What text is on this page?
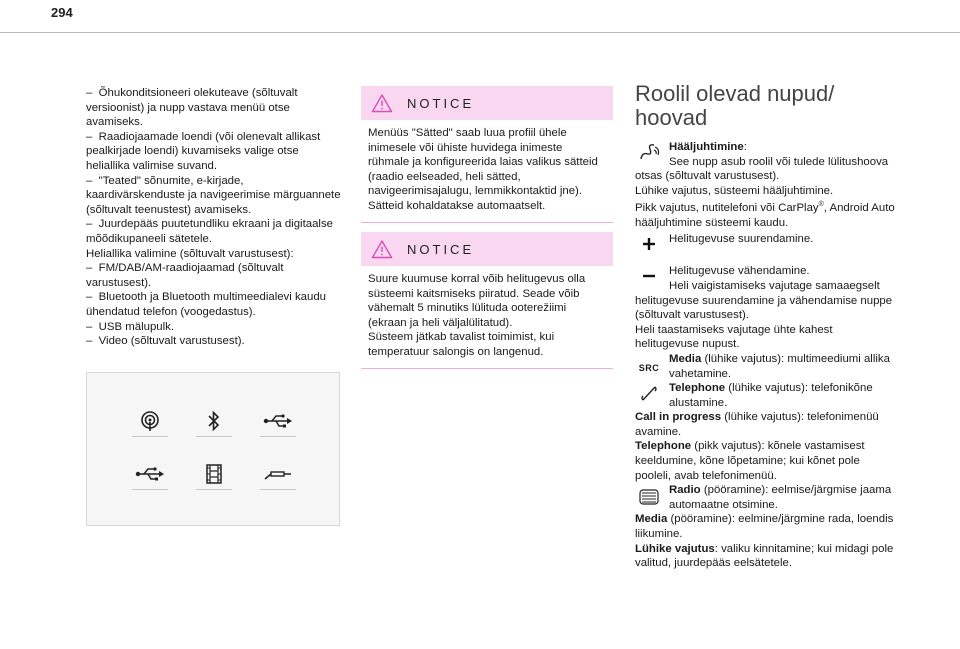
294

–  Õhukonditsioneeri olekuteave (sõltuvalt versioonist) ja nupp vastava menüü otse avamiseks.

–  Raadiojaamade loendi (või olenevalt allikast pealkirjade loendi) kuvamiseks valige otse heliallika valimise suvand.

–  "Teated" sõnumite, e-kirjade, kaardivärskenduste ja navigeerimise märguannete (sõltuvalt teenustest) avamiseks.

–  Juurdepääs puutetundliku ekraani ja digitaalse mõõdikupaneeli sätetele.

Heliallika valimine (sõltuvalt varustusest):

–  FM/DAB/AM-raadiojaamad (sõltuvalt varustusest).

–  Bluetooth ja Bluetooth multimeedialevi kaudu ühendatud telefon (voogedastus).

–  USB mälupulk.

–  Video (sõltuvalt varustusest).

NOTICE
Menüüs "Sätted" saab luua profiil ühele inimesele või ühiste huvidega inimeste rühmale ja konfigureerida laias valikus sätteid (raadio eelseaded, heli sätted, navigeerimisajalugu, lemmikkontaktid jne). Sätteid kohaldatakse automaatselt.
NOTICE
Suure kuumuse korral võib helitugevus olla süsteemi kaitsmiseks piiratud. Seade võib vähemalt 5 minutiks lülituda ooterežiimi (ekraan ja heli väljalülitatud).
Süsteem jätkab tavalist toimimist, kui temperatuur salongis on langenud.
Roolil olevad nupud/ hoovad
Hääljuhtimine:
See nupp asub roolil või tulede lülitushoova otsas (sõltuvalt varustusest).
Lühike vajutus, süsteemi hääljuhtimine.
Pikk vajutus, nutitelefoni või CarPlay®, Android Auto hääljuhtimine süsteemi kaudu.
Helitugevuse suurendamine.
Helitugevuse vähendamine.
Heli vaigistamiseks vajutage samaaegselt helitugevuse suurendamine ja vähendamise nuppe (sõltuvalt varustusest).
Heli taastamiseks vajutage ühte kahest helitugevuse nupust.
SRC
Media (lühike vajutus): multimeediumi allika vahetamine.
Telephone (lühike vajutus): telefonikõne alustamine.
Call in progress (lühike vajutus): telefonimenüü avamine.
Telephone (pikk vajutus): kõnele vastamisest keeldumine, kõne lõpetamine; kui kõnet pole pooleli, avab telefonimenüü.
Radio (pööramine): eelmise/järgmise jaama automaatne otsimine.
Media (pööramine): eelmine/järgmine rada, loendis liikumine.
Lühike vajutus: valiku kinnitamine; kui midagi pole valitud, juurdepääs eelsätetele.
